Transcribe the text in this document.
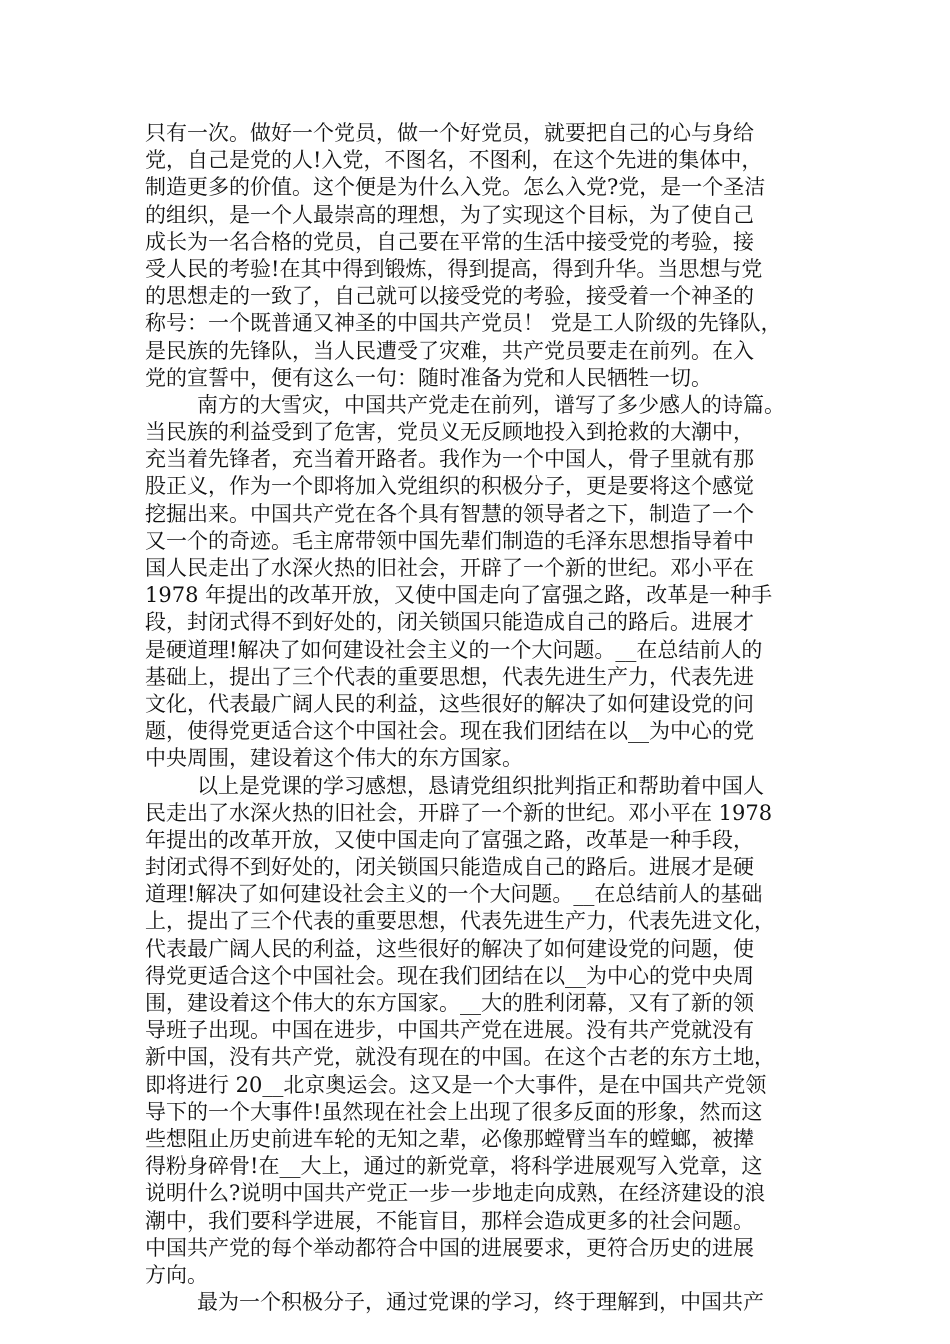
只有一次。做好一个党员，做一个好党员，就要把自己的心与身给
党，自己是党的人!入党，不图名，不图利，在这个先进的集体中，
制造更多的价值。这个便是为什么入党。怎么入党?党，是一个圣洁
的组织，是一个人最崇高的理想，为了实现这个目标，为了使自己
成长为一名合格的党员，自己要在平常的生活中接受党的考验，接
受人民的考验!在其中得到锻炼，得到提高，得到升华。当思想与党
的思想走的一致了，自己就可以接受党的考验，接受着一个神圣的
称号：一个既普通又神圣的中国共产党员！ 党是工人阶级的先锋队，
是民族的先锋队，当人民遭受了灾难，共产党员要走在前列。在入
党的宣誓中，便有这么一句：随时准备为党和人民牺牲一切。
南方的大雪灾，中国共产党走在前列，谱写了多少感人的诗篇。
当民族的利益受到了危害，党员义无反顾地投入到抢救的大潮中，
充当着先锋者，充当着开路者。我作为一个中国人，骨子里就有那
股正义，作为一个即将加入党组织的积极分子，更是要将这个感觉
挖掘出来。中国共产党在各个具有智慧的领导者之下，制造了一个
又一个的奇迹。毛主席带领中国先辈们制造的毛泽东思想指导着中
国人民走出了水深火热的旧社会，开辟了一个新的世纪。邓小平在
1978 年提出的改革开放，又使中国走向了富强之路，改革是一种手
段，封闭式得不到好处的，闭关锁国只能造成自己的路后。进展才
是硬道理!解决了如何建设社会主义的一个大问题。__在总结前人的
基础上，提出了三个代表的重要思想，代表先进生产力，代表先进
文化，代表最广阔人民的利益，这些很好的解决了如何建设党的问
题，使得党更适合这个中国社会。现在我们团结在以__为中心的党
中央周围，建设着这个伟大的东方国家。
以上是党课的学习感想，恳请党组织批判指正和帮助着中国人
民走出了水深火热的旧社会，开辟了一个新的世纪。邓小平在 1978
年提出的改革开放，又使中国走向了富强之路，改革是一种手段，
封闭式得不到好处的，闭关锁国只能造成自己的路后。进展才是硬
道理!解决了如何建设社会主义的一个大问题。__在总结前人的基础
上，提出了三个代表的重要思想，代表先进生产力，代表先进文化，
代表最广阔人民的利益，这些很好的解决了如何建设党的问题，使
得党更适合这个中国社会。现在我们团结在以__为中心的党中央周
围，建设着这个伟大的东方国家。__大的胜利闭幕，又有了新的领
导班子出现。中国在进步，中国共产党在进展。没有共产党就没有
新中国，没有共产党，就没有现在的中国。在这个古老的东方土地，
即将进行 20__北京奥运会。这又是一个大事件，是在中国共产党领
导下的一个大事件!虽然现在社会上出现了很多反面的形象，然而这
些想阻止历史前进车轮的无知之辈，必像那螳臂当车的螳螂，被撵
得粉身碎骨!在__大上，通过的新党章，将科学进展观写入党章，这
说明什么?说明中国共产党正一步一步地走向成熟，在经济建设的浪
潮中，我们要科学进展，不能盲目，那样会造成更多的社会问题。
中国共产党的每个举动都符合中国的进展要求，更符合历史的进展
方向。
最为一个积极分子，通过党课的学习，终于理解到，中国共产
